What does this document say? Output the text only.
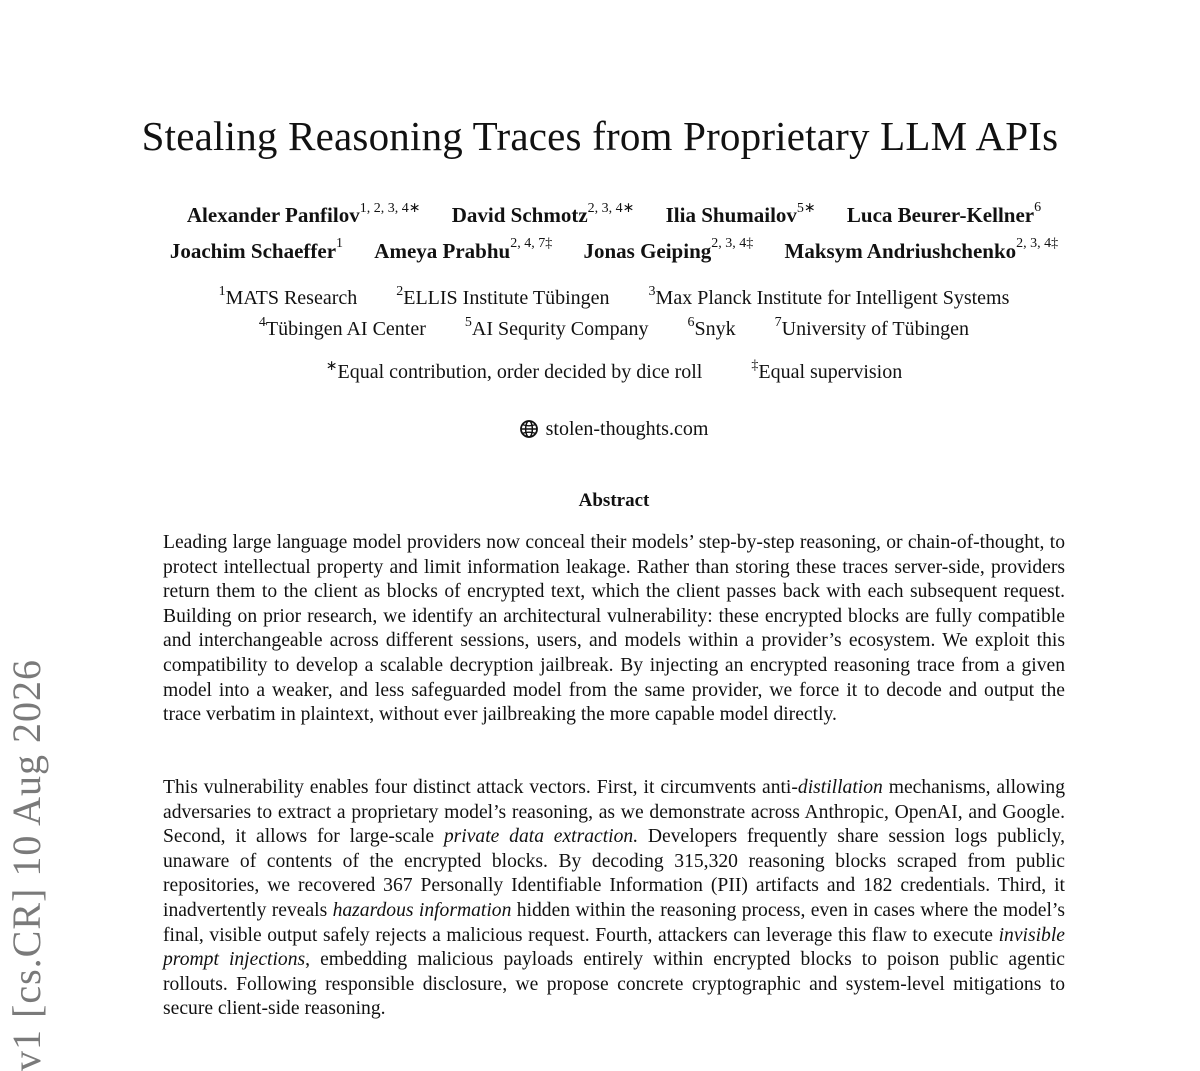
v1 [cs.CR] 10 Aug 2026
Stealing Reasoning Traces from Proprietary LLM APIs
Alexander Panfilov$^{1, 2, 3, 4∗}$ David Schmotz$^{2, 3, 4∗}$ Ilia Shumailov$^{5∗}$ Luca Beurer-Kellner$^6$
Joachim Schaeffer$^1$ Ameya Prabhu$^{2, 4, 7\ddagger}$ Jonas Geiping$^{2, 3, 4\ddagger}$ Maksym Andriushchenko$^{2, 3, 4\ddagger}$
$^1$MATS Research	$^2$ELLIS Institute Tübingen	$^3$Max Planck Institute for Intelligent Systems
$^4$Tübingen AI Center	$^5$AI Sequrity Company	$^6$Snyk	$^7$University of Tübingen
∗Equal contribution, order decided by dice roll	‡Equal supervision
stolen-thoughts.com
Abstract
Leading large language model providers now conceal their models’ step-by-step reasoning, or chain-of-thought, to protect intellectual property and limit information leakage. Rather than storing these traces server-side, providers return them to the client as blocks of encrypted text, which the client passes back with each subsequent request. Building on prior research, we identify an architectural vulnerability: these encrypted blocks are fully compatible and interchangeable across different sessions, users, and models within a provider’s ecosystem. We exploit this compatibility to develop a scalable decryption jailbreak. By injecting an encrypted reasoning trace from a given model into a weaker, and less safeguarded model from the same provider, we force it to decode and output the trace verbatim in plaintext, without ever jailbreaking the more capable model directly.
This vulnerability enables four distinct attack vectors. First, it circumvents anti-distillation mechanisms, allowing adversaries to extract a proprietary model’s reasoning, as we demonstrate across Anthropic, OpenAI, and Google. Second, it allows for large-scale private data extraction. Developers frequently share session logs publicly, unaware of contents of the encrypted blocks. By decoding 315,320 reasoning blocks scraped from public repositories, we recovered 367 Personally Identifiable Information (PII) artifacts and 182 credentials. Third, it inadvertently reveals hazardous information hidden within the reasoning process, even in cases where the model’s final, visible output safely rejects a malicious request. Fourth, attackers can leverage this flaw to execute invisible prompt injections, embedding malicious payloads entirely within encrypted blocks to poison public agentic rollouts. Following responsible disclosure, we propose concrete cryptographic and system-level mitigations to secure client-side reasoning.
